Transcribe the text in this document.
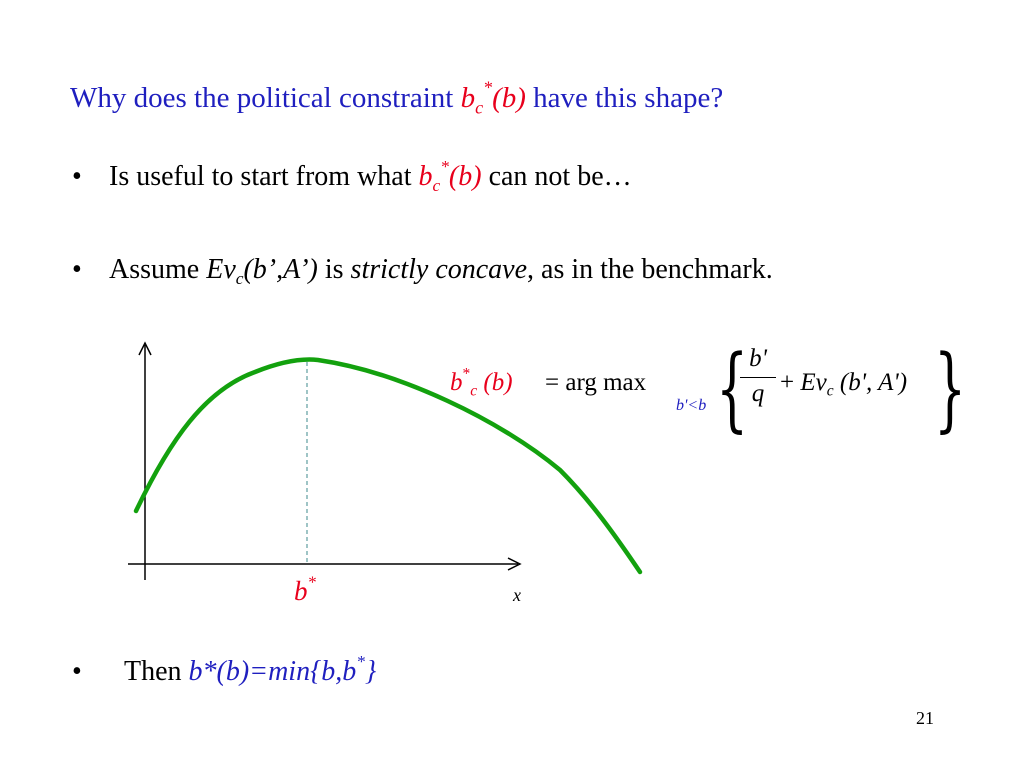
Why does the political constraint $b_c^*(b)$ have this shape?
• Is useful to start from what $b_c^*(b)$ can not be…
• Assume $Ev_c(b’,A’)$ is strictly concave, as in the benchmark.
$b^*_c$ (b) = arg max
b'<b { b'
$q + Ev_c$ (b', A') }
b*
x
• Then b*(b)=min{b,b*}
21
